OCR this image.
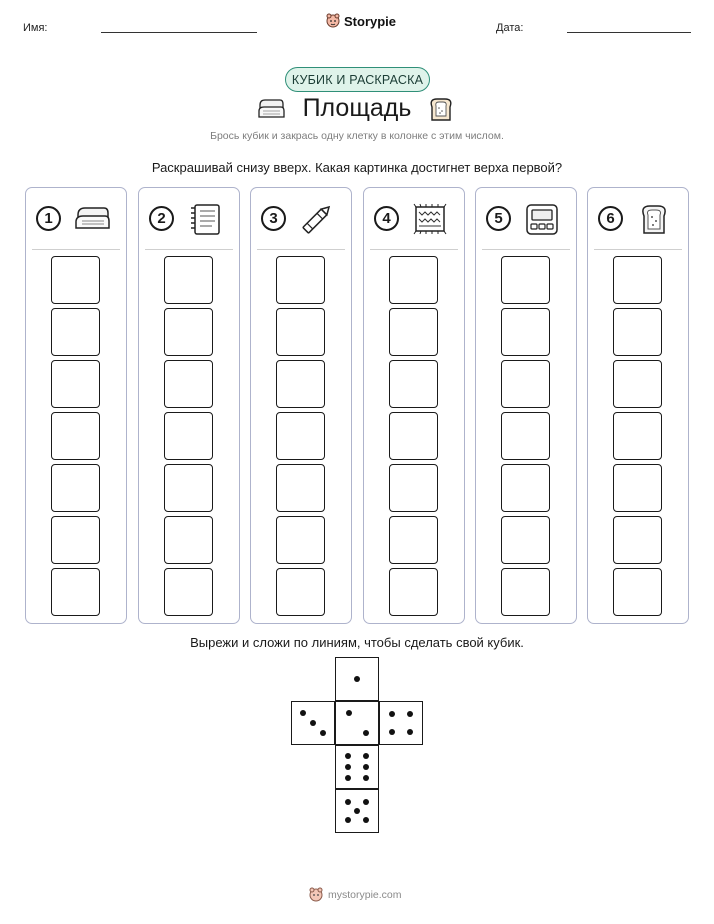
Имя:	Storypie	Дата:
КУБИК И РАСКРАСКА
Площадь
Брось кубик и закрась одну клетку в колонке с этим числом.
Раскрашивай снизу вверх. Какая картинка достигнет верха первой?
1	2	3	4	5	6
Вырежи и сложи по линиям, чтобы сделать свой кубик.
mystorypie.com
